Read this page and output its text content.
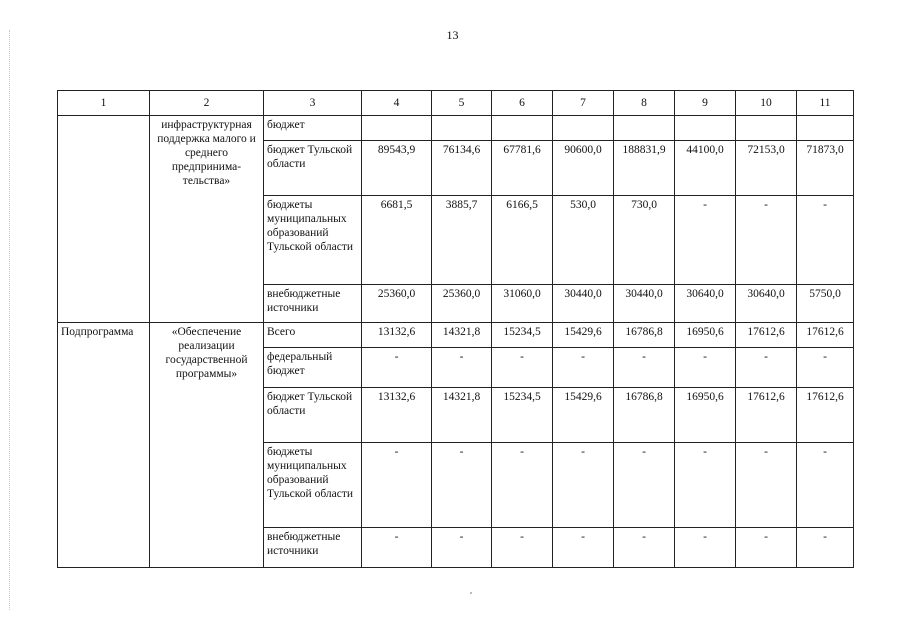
13
1	2	3	4	5	6	7	8	9	10	11
	инфраструктурная поддержка малого и среднего предпринима-тельства»	бюджет								
		бюджет Тульской области	89543,9	76134,6	67781,6	90600,0	188831,9	44100,0	72153,0	71873,0
		бюджеты муниципальных образований Тульской области	6681,5	3885,7	6166,5	530,0	730,0	-	-	-
		внебюджетные источники	25360,0	25360,0	31060,0	30440,0	30440,0	30640,0	30640,0	5750,0
Подпрограмма	«Обеспечение реализации государственной программы»	Всего	13132,6	14321,8	15234,5	15429,6	16786,8	16950,6	17612,6	17612,6
		федеральный бюджет	-	-	-	-	-	-	-	-
		бюджет Тульской области	13132,6	14321,8	15234,5	15429,6	16786,8	16950,6	17612,6	17612,6
		бюджеты муниципальных образований Тульской области	-	-	-	-	-	-	-	-
		внебюджетные источники	-	-	-	-	-	-	-	-
